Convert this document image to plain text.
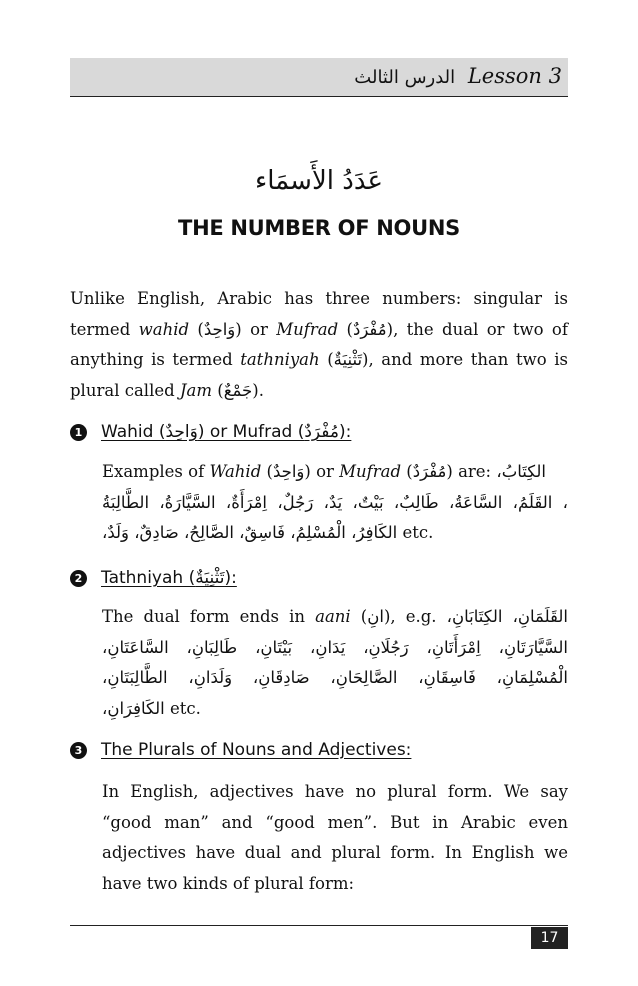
الدرس الثالث Lesson 3
عَدَدُ الأَسمَاء
THE NUMBER OF NOUNS
Unlike English, Arabic has three numbers: singular is termed wahid (وَاحِدٌ) or Mufrad (مُفْرَدٌ), the dual or two of anything is termed tathniyah (تَثْنِيَةٌ), and more than two is plural called Jam (جَمْعٌ).
1 Wahid (وَاحِدٌ) or Mufrad (مُفْرَدٌ):
Examples of Wahid (وَاحِدٌ) or Mufrad (مُفْرَدٌ) are: الكِتَابُ،
، القَلَمُ، السَّاعَةُ، طَالِبٌ، بَيْتٌ، يَدٌ، رَجُلٌ، اِمْرَأَةٌ، السَّيَّارَةُ، الطَّالِبَةُ
الكَافِرُ، الْمُسْلِمُ، فَاسِقٌ، الصَّالِحُ، صَادِقٌ، وَلَدٌ، etc.
2 Tathniyah (تَثْنِيَةٌ):
The dual form ends in aani (انِ), e.g. القَلَمَانِ، الكِتَابَانِ،
السَّيَّارَتَانِ، اِمْرَأَتَانِ، رَجُلَانِ، يَدَانِ، بَيْتَانِ، طَالِبَانِ، السَّاعَتَانِ،
الْمُسْلِمَانِ، فَاسِقَانِ، الصَّالِحَانِ، صَادِقَانِ، وَلَدَانِ، الطَّالِبَتَانِ،
الكَافِرَانِ، etc.
3 The Plurals of Nouns and Adjectives:
In English, adjectives have no plural form. We say “good man” and “good men”. But in Arabic even adjectives have dual and plural form. In English we have two kinds of plural form:
17
